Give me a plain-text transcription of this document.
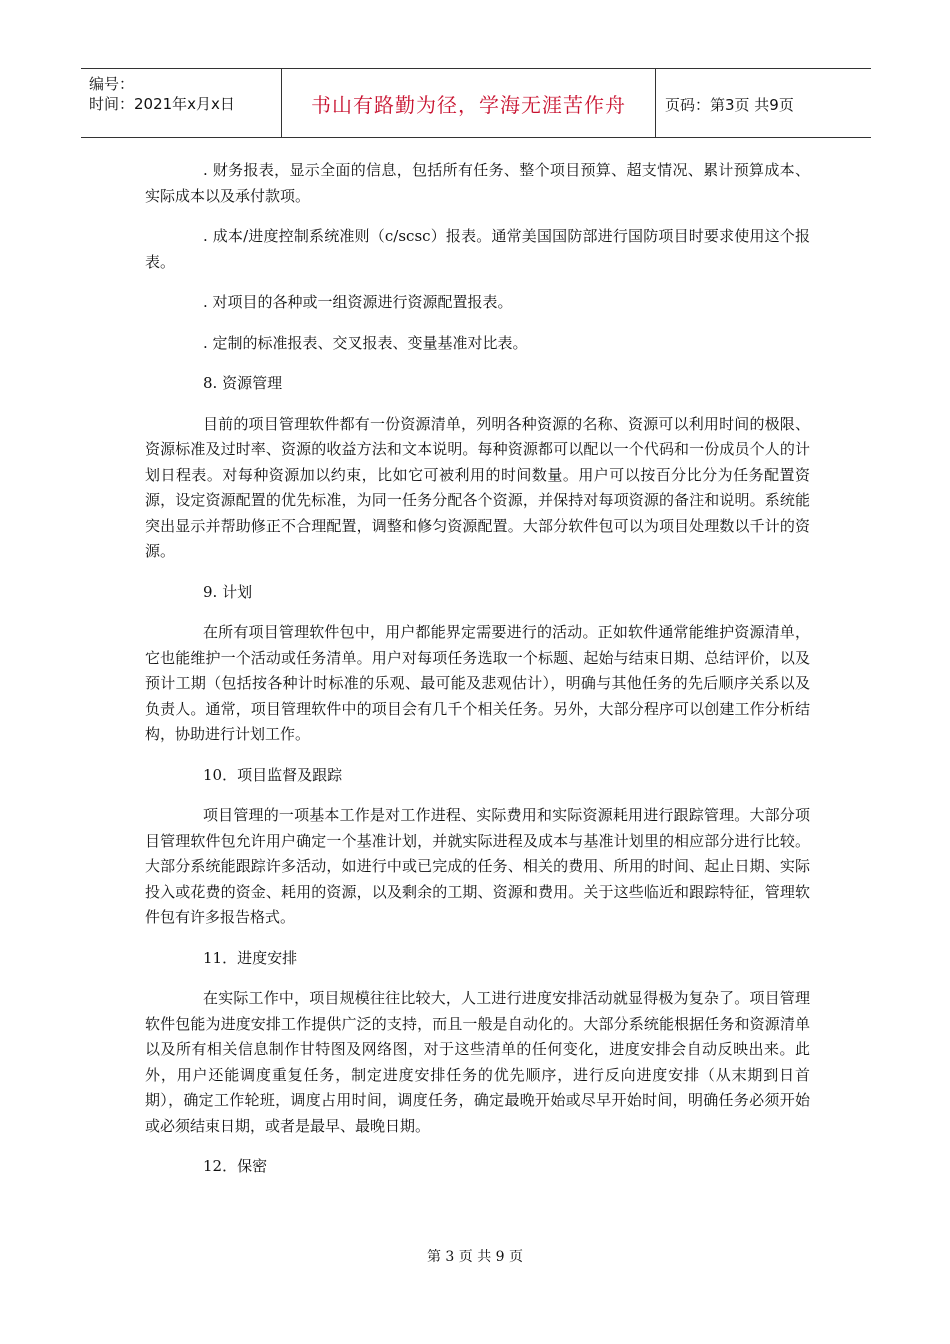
编号：
时间：2021年x月x日	书山有路勤为径，学海无涯苦作舟	页码：第3页 共9页

. 财务报表，显示全面的信息，包括所有任务、整个项目预算、超支情况、累计预算成本、实际成本以及承付款项。

. 成本/进度控制系统准则（c/scsc）报表。通常美国国防部进行国防项目时要求使用这个报表。

. 对项目的各种或一组资源进行资源配置报表。

. 定制的标准报表、交叉报表、变量基准对比表。

8. 资源管理

目前的项目管理软件都有一份资源清单，列明各种资源的名称、资源可以利用时间的极限、资源标准及过时率、资源的收益方法和文本说明。每种资源都可以配以一个代码和一份成员个人的计划日程表。对每种资源加以约束，比如它可被利用的时间数量。用户可以按百分比分为任务配置资源，设定资源配置的优先标准，为同一任务分配各个资源，并保持对每项资源的备注和说明。系统能突出显示并帮助修正不合理配置，调整和修匀资源配置。大部分软件包可以为项目处理数以千计的资源。

9. 计划

在所有项目管理软件包中，用户都能界定需要进行的活动。正如软件通常能维护资源清单，它也能维护一个活动或任务清单。用户对每项任务选取一个标题、起始与结束日期、总结评价，以及预计工期（包括按各种计时标准的乐观、最可能及悲观估计），明确与其他任务的先后顺序关系以及负责人。通常，项目管理软件中的项目会有几千个相关任务。另外，大部分程序可以创建工作分析结构，协助进行计划工作。

10．项目监督及跟踪

项目管理的一项基本工作是对工作进程、实际费用和实际资源耗用进行跟踪管理。大部分项目管理软件包允许用户确定一个基准计划，并就实际进程及成本与基准计划里的相应部分进行比较。大部分系统能跟踪许多活动，如进行中或已完成的任务、相关的费用、所用的时间、起止日期、实际投入或花费的资金、耗用的资源，以及剩余的工期、资源和费用。关于这些临近和跟踪特征，管理软件包有许多报告格式。

11．进度安排

在实际工作中，项目规模往往比较大，人工进行进度安排活动就显得极为复杂了。项目管理软件包能为进度安排工作提供广泛的支持，而且一般是自动化的。大部分系统能根据任务和资源清单以及所有相关信息制作甘特图及网络图，对于这些清单的任何变化，进度安排会自动反映出来。此外，用户还能调度重复任务，制定进度安排任务的优先顺序，进行反向进度安排（从末期到日首期），确定工作轮班，调度占用时间，调度任务，确定最晚开始或尽早开始时间，明确任务必须开始或必须结束日期，或者是最早、最晚日期。

12．保密

第 3 页 共 9 页
